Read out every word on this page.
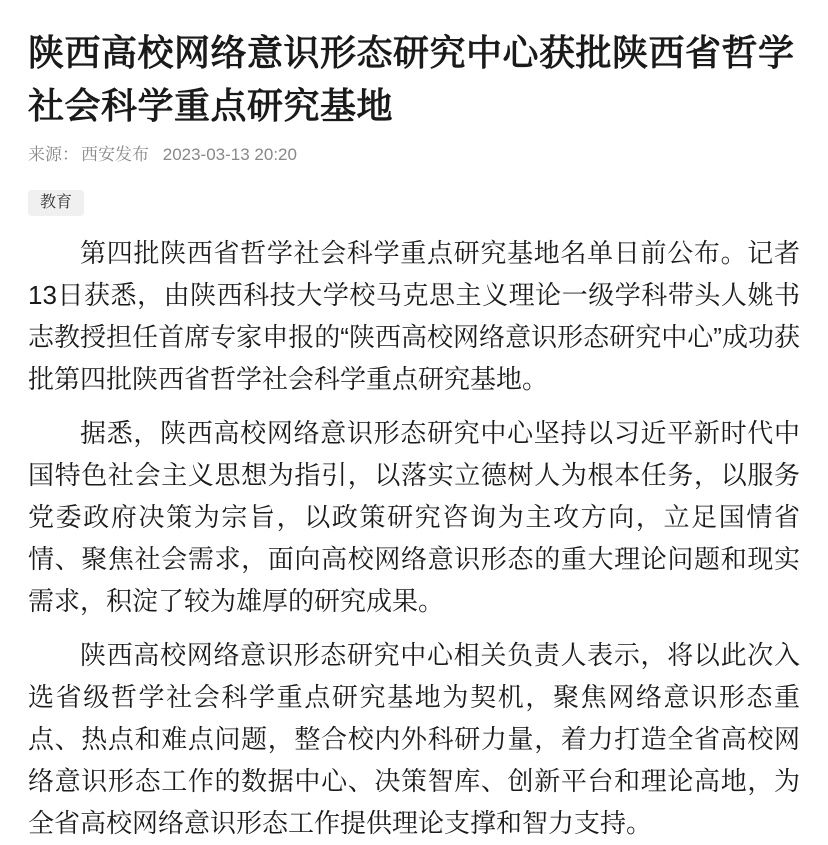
陕西高校网络意识形态研究中心获批陕西省哲学社会科学重点研究基地
来源： 西安发布 2023-03-13 20:20
教育

第四批陕西省哲学社会科学重点研究基地名单日前公布。记者13日获悉，由陕西科技大学校马克思主义理论一级学科带头人姚书志教授担任首席专家申报的“陕西高校网络意识形态研究中心”成功获批第四批陕西省哲学社会科学重点研究基地。

据悉，陕西高校网络意识形态研究中心坚持以习近平新时代中国特色社会主义思想为指引，以落实立德树人为根本任务，以服务党委政府决策为宗旨，以政策研究咨询为主攻方向，立足国情省情、聚焦社会需求，面向高校网络意识形态的重大理论问题和现实需求，积淀了较为雄厚的研究成果。

陕西高校网络意识形态研究中心相关负责人表示，将以此次入选省级哲学社会科学重点研究基地为契机，聚焦网络意识形态重点、热点和难点问题，整合校内外科研力量，着力打造全省高校网络意识形态工作的数据中心、决策智库、创新平台和理论高地，为全省高校网络意识形态工作提供理论支撑和智力支持。
